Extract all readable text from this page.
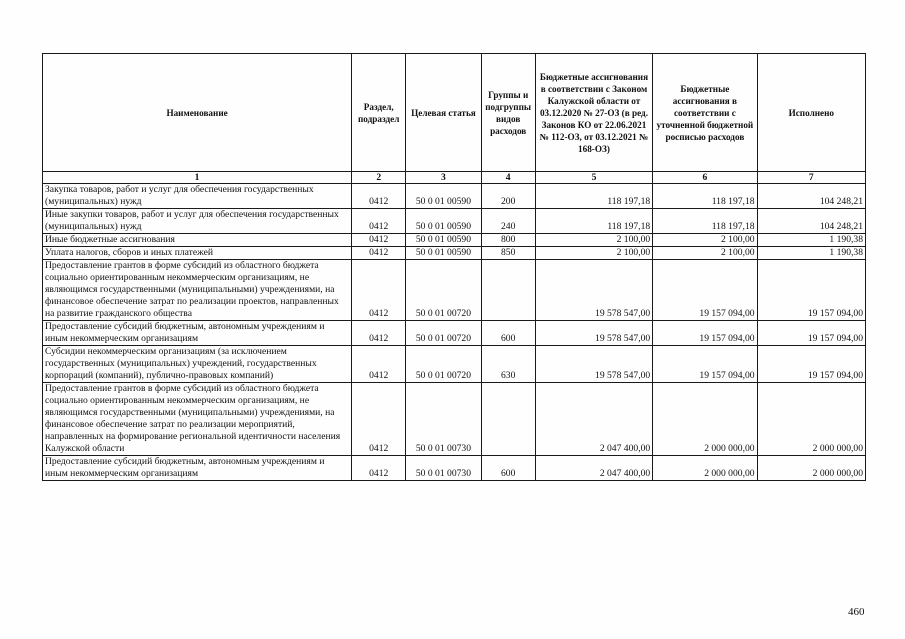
Наименование	Раздел, подраздел	Целевая статья	Группы и подгруппы видов расходов	Бюджетные ассигнования в соответствии с Законом Калужской области от 03.12.2020 № 27-ОЗ (в ред. Законов КО от 22.06.2021 № 112-ОЗ, от 03.12.2021 № 168-ОЗ)	Бюджетные ассигнования в соответствии с уточненной бюджетной росписью расходов	Исполнено
1	2	3	4	5	6	7
Закупка товаров, работ и услуг для обеспечения государственных (муниципальных) нужд	0412	50 0 01 00590	200	118 197,18	118 197,18	104 248,21
Иные закупки товаров, работ и услуг для обеспечения государственных (муниципальных) нужд	0412	50 0 01 00590	240	118 197,18	118 197,18	104 248,21
Иные бюджетные ассигнования	0412	50 0 01 00590	800	2 100,00	2 100,00	1 190,38
Уплата налогов, сборов и иных платежей	0412	50 0 01 00590	850	2 100,00	2 100,00	1 190,38
Предоставление грантов в форме субсидий из областного бюджета социально ориентированным некоммерческим организациям, не являющимся государственными (муниципальными) учреждениями, на финансовое обеспечение затрат по реализации проектов, направленных на развитие гражданского общества	0412	50 0 01 00720		19 578 547,00	19 157 094,00	19 157 094,00
Предоставление субсидий бюджетным, автономным учреждениям и иным некоммерческим организациям	0412	50 0 01 00720	600	19 578 547,00	19 157 094,00	19 157 094,00
Субсидии некоммерческим организациям (за исключением государственных (муниципальных) учреждений, государственных корпораций (компаний), публично-правовых компаний)	0412	50 0 01 00720	630	19 578 547,00	19 157 094,00	19 157 094,00
Предоставление грантов в форме субсидий из областного бюджета социально ориентированным некоммерческим организациям, не являющимся государственными (муниципальными) учреждениями, на финансовое обеспечение затрат по реализации мероприятий, направленных на формирование региональной идентичности населения Калужской области	0412	50 0 01 00730		2 047 400,00	2 000 000,00	2 000 000,00
Предоставление субсидий бюджетным, автономным учреждениям и иным некоммерческим организациям	0412	50 0 01 00730	600	2 047 400,00	2 000 000,00	2 000 000,00
460
